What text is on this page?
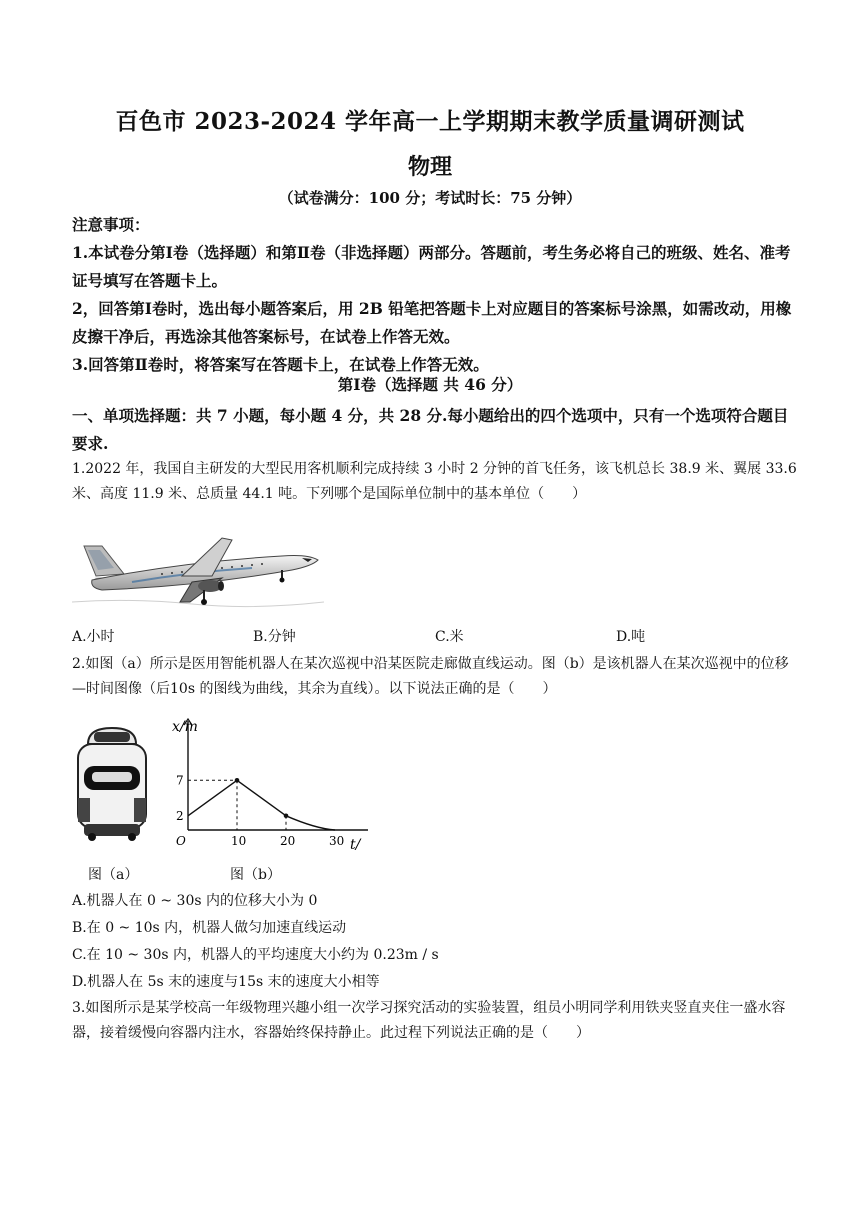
百色市 2023-2024 学年高一上学期期末教学质量调研测试
物理
（试卷满分：100 分；考试时长：75 分钟）

注意事项：

1.本试卷分第Ⅰ卷（选择题）和第Ⅱ卷（非选择题）两部分。答题前，考生务必将自己的班级、姓名、准考证号填写在答题卡上。

2，回答第Ⅰ卷时，选出每小题答案后，用 2B 铅笔把答题卡上对应题目的答案标号涂黑，如需改动，用橡皮擦干净后，再选涂其他答案标号，在试卷上作答无效。

3.回答第Ⅱ卷时，将答案写在答题卡上，在试卷上作答无效。

第Ⅰ卷（选择题 共 46 分）
一、单项选择题：共 7 小题，每小题 4 分，共 28 分.每小题给出的四个选项中，只有一个选项符合题目要求.
1.2022 年，我国自主研发的大型民用客机顺利完成持续 3 小时 2 分钟的首飞任务，该飞机总长 38.9 米、翼展 33.6 米、高度 11.9 米、总质量 44.1 吨。下列哪个是国际单位制中的基本单位（　　）
A.小时	B.分钟	C.米	D.吨
2.如图（a）所示是医用智能机器人在某次巡视中沿某医院走廊做直线运动。图（b）是该机器人在某次巡视中的位移—时间图像（后10s 的图线为曲线，其余为直线）。以下说法正确的是（　　）
O	10	20	30
2
7
x/m
t/
图（a）	图（b）
A.机器人在 0 ~ 30s 内的位移大小为 0
B.在 0 ~ 10s 内，机器人做匀加速直线运动
C.在 10 ~ 30s 内，机器人的平均速度大小约为 0.23m / s
D.机器人在 5s 末的速度与15s 末的速度大小相等
3.如图所示是某学校高一年级物理兴趣小组一次学习探究活动的实验装置，组员小明同学利用铁夹竖直夹住一盛水容器，接着缓慢向容器内注水，容器始终保持静止。此过程下列说法正确的是（　　）
